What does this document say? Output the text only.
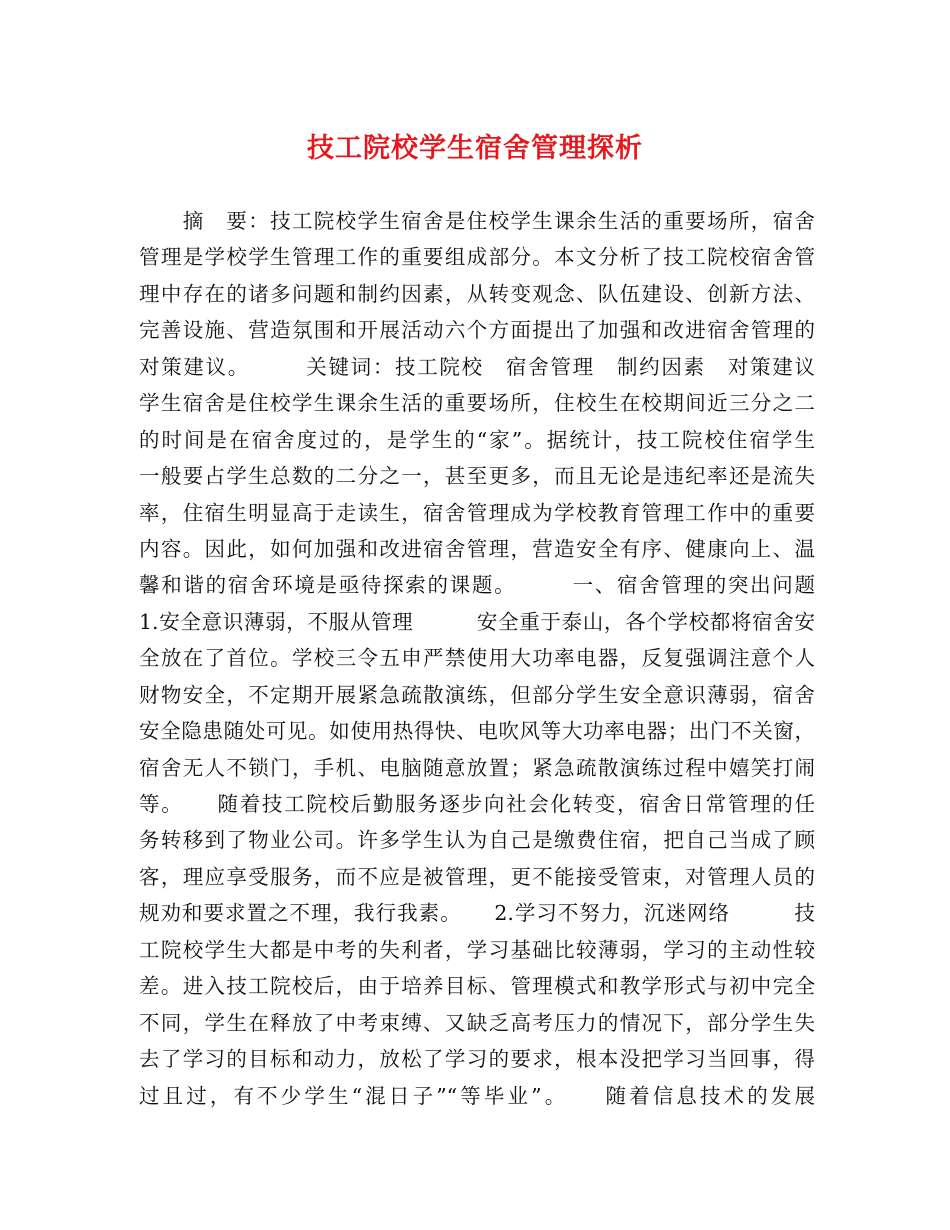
技工院校学生宿舍管理探析
　　摘　要：技工院校学生宿舍是住校学生课余生活的重要场所，宿舍
管理是学校学生管理工作的重要组成部分。本文分析了技工院校宿舍管
理中存在的诸多问题和制约因素，从转变观念、队伍建设、创新方法、
完善设施、营造氛围和开展活动六个方面提出了加强和改进宿舍管理的
对策建议。　　　关键词：技工院校　宿舍管理　制约因素　对策建议
学生宿舍是住校学生课余生活的重要场所，住校生在校期间近三分之二
的时间是在宿舍度过的，是学生的“家”。据统计，技工院校住宿学生
一般要占学生总数的二分之一，甚至更多，而且无论是违纪率还是流失
率，住宿生明显高于走读生，宿舍管理成为学校教育管理工作中的重要
内容。因此，如何加强和改进宿舍管理，营造安全有序、健康向上、温
馨和谐的宿舍环境是亟待探索的课题。　　　一、宿舍管理的突出问题
1.安全意识薄弱，不服从管理　　　安全重于泰山，各个学校都将宿舍安
全放在了首位。学校三令五申严禁使用大功率电器，反复强调注意个人
财物安全，不定期开展紧急疏散演练，但部分学生安全意识薄弱，宿舍
安全隐患随处可见。如使用热得快、电吹风等大功率电器；出门不关窗，
宿舍无人不锁门，手机、电脑随意放置；紧急疏散演练过程中嬉笑打闹
等。　　随着技工院校后勤服务逐步向社会化转变，宿舍日常管理的任
务转移到了物业公司。许多学生认为自己是缴费住宿，把自己当成了顾
客，理应享受服务，而不应是被管理，更不能接受管束，对管理人员的
规劝和要求置之不理，我行我素。　　2.学习不努力，沉迷网络　　　技
工院校学生大都是中考的失利者，学习基础比较薄弱，学习的主动性较
差。进入技工院校后，由于培养目标、管理模式和教学形式与初中完全
不同，学生在释放了中考束缚、又缺乏高考压力的情况下，部分学生失
去了学习的目标和动力，放松了学习的要求，根本没把学习当回事，得
过且过，有不少学生“混日子”“等毕业”。　　随着信息技术的发展
